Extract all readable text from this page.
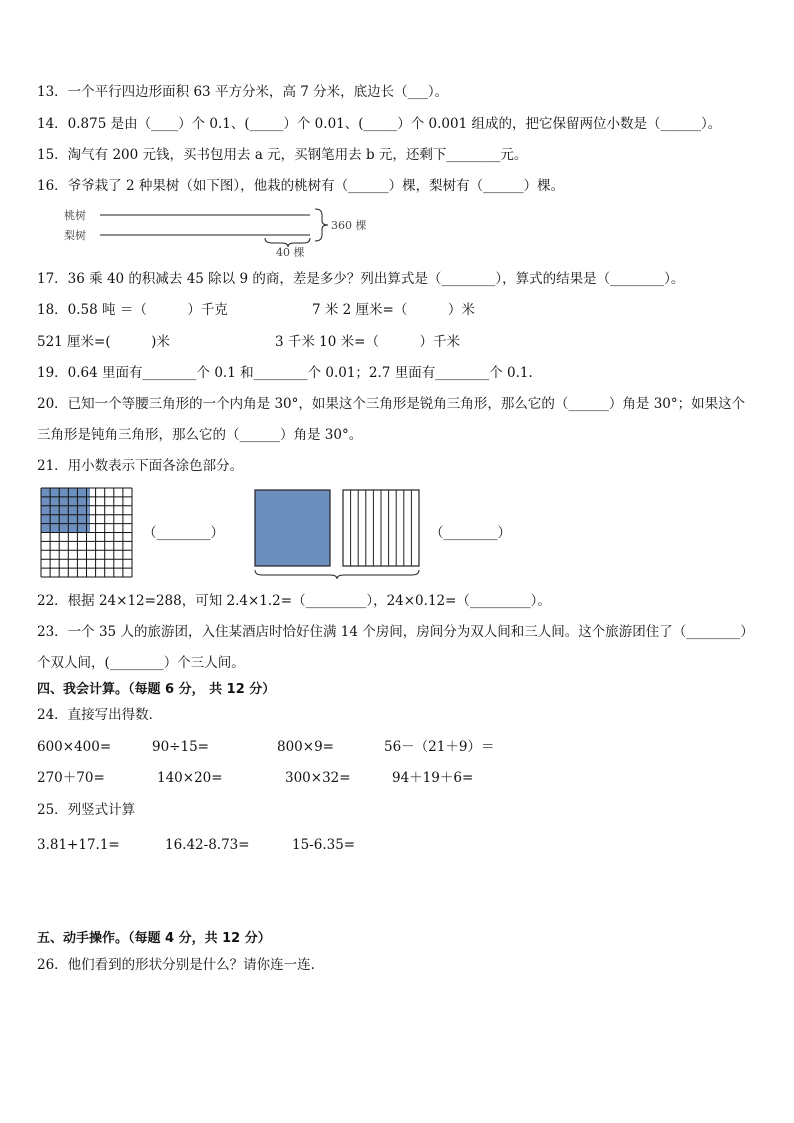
13．一个平行四边形面积 63 平方分米，高 7 分米，底边长（___）。
14．0.875 是由（____）个 0.1、(_____）个 0.01、(_____）个 0.001 组成的，把它保留两位小数是（______）。
15．淘气有 200 元钱，买书包用去 a 元，买钢笔用去 b 元，还剩下________元。
16．爷爷栽了 2 种果树（如下图），他栽的桃树有（______）棵，梨树有（______）棵。
桃树
梨树
360 棵
40 棵
17．36 乘 40 的积减去 45 除以 9 的商，差是多少？列出算式是（________），算式的结果是（________）。
18．0.58 吨 ＝（　　　）千克	7 米 2 厘米=（　　　）米
521 厘米=(　　　)米	3 千米 10 米=（　　　）千米
19．0.64 里面有________个 0.1 和________个 0.01；2.7 里面有________个 0.1.
20．已知一个等腰三角形的一个内角是 30°，如果这个三角形是锐角三角形，那么它的（______）角是 30°；如果这个
三角形是钝角三角形，那么它的（______）角是 30°。
21．用小数表示下面各涂色部分。
（________）	（________）
22．根据 24×12=288，可知 2.4×1.2=（_________），24×0.12=（_________）。
23．一个 35 人的旅游团，入住某酒店时恰好住满 14 个房间，房间分为双人间和三人间。这个旅游团住了（________）
个双人间，(________）个三人间。
四、我会计算。（每题 6 分， 共 12 分）
24．直接写出得数．
600×400=	90÷15=	800×9=	56－（21＋9）＝
270＋70=	140×20=	300×32=	94＋19＋6=
25．列竖式计算
3.81+17.1=	16.42-8.73=	15-6.35=
五、动手操作。（每题 4 分，共 12 分）
26．他们看到的形状分别是什么？请你连一连.
